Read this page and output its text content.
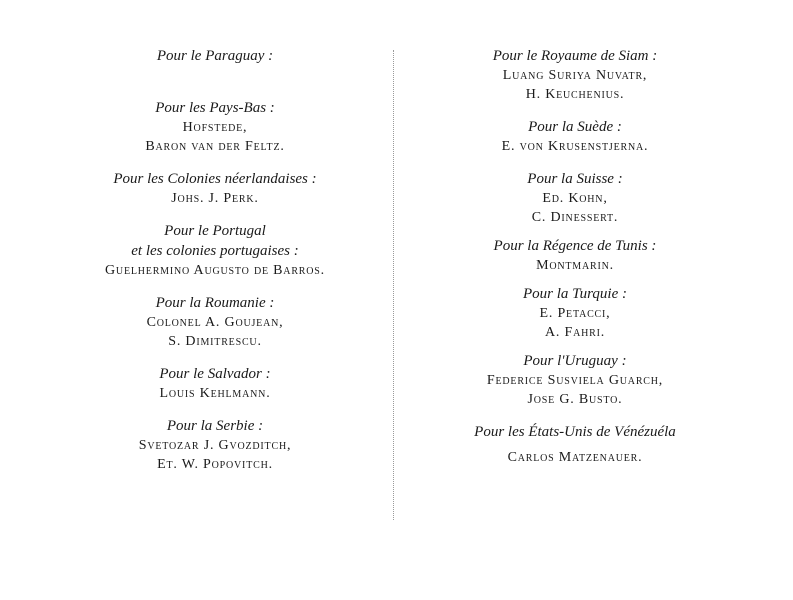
Pour le Paraguay :
Pour les Pays-Bas :
Hofstede,
Baron van der Feltz.
Pour les Colonies néerlandaises :
Johs. J. Perk.
Pour le Portugal
et les colonies portugaises :
Guelhermino Augusto de Barros.
Pour la Roumanie :
Colonel A. Goujean,
S. Dimitrescu.
Pour le Salvador :
Louis Kehlmann.
Pour la Serbie :
Svetozar J. Gvozditch,
Et. W. Popovitch.
Pour le Royaume de Siam :
Luang Suriya Nuvatr,
H. Keuchenius.
Pour la Suède :
E. von Krusenstjerna.
Pour la Suisse :
Ed. Kohn,
C. Dinessert.
Pour la Régence de Tunis :
Montmarin.
Pour la Turquie :
E. Petacci,
A. Fahri.
Pour l'Uruguay :
Federice Susviela Guarch,
Jose G. Busto.
Pour les États-Unis de Vénézuéla
Carlos Matzenauer.
